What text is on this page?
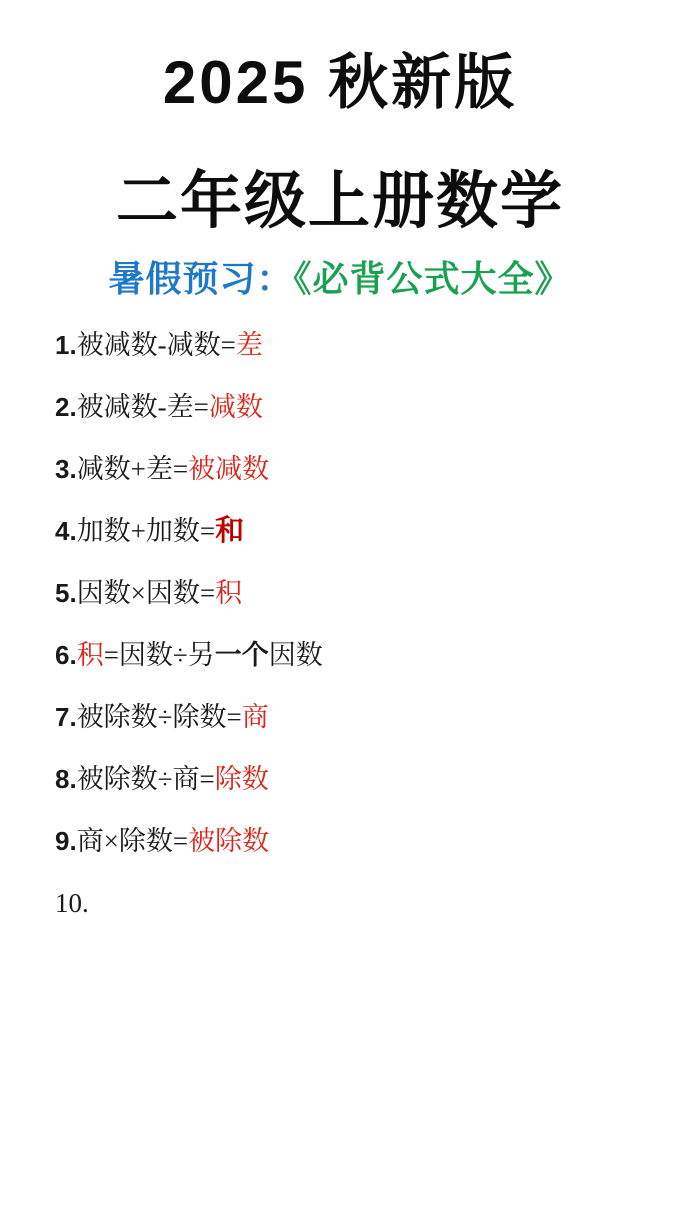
2025 秋新版
二年级上册数学
暑假预习：《必背公式大全》
1.被减数-减数=差
2.被减数-差=减数
3.减数+差=被减数
4.加数+加数=和
5.因数×因数=积
6.积=因数÷另一个因数
7.被除数÷除数=商
8.被除数÷商=除数
9.商×除数=被除数
10.
